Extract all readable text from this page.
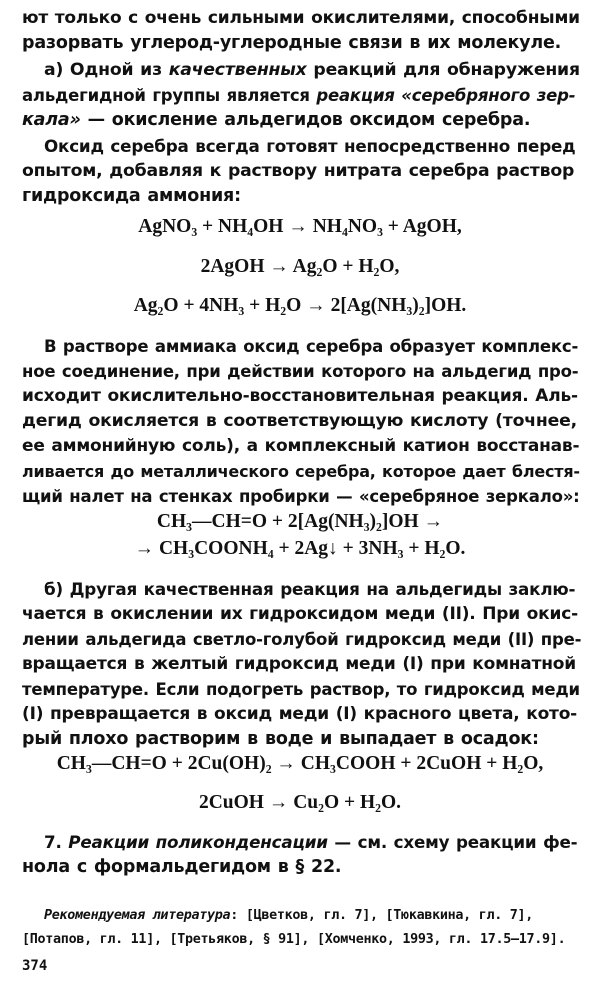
ют только с очень сильными окислителями, способными
разорвать углерод-углеродные связи в их молекуле.
а) Одной из качественных реакций для обнаружения
альдегидной группы является реакция «серебряного зер-
кала» — окисление альдегидов оксидом серебра.
Оксид серебра всегда готовят непосредственно перед
опытом, добавляя к раствору нитрата серебра раствор
гидроксида аммония:
AgNO₃ + NH₄OH → NH₄NO₃ + AgOH,
2AgOH → Ag₂O + H₂O,
Ag₂O + 4NH₃ + H₂O → 2[Ag(NH₃)₂]OH.
В растворе аммиака оксид серебра образует комплекс-
ное соединение, при действии которого на альдегид про-
исходит окислительно-восстановительная реакция. Аль-
дегид окисляется в соответствующую кислоту (точнее,
ее аммонийную соль), а комплексный катион восстанав-
ливается до металлического серебра, которое дает блестя-
щий налет на стенках пробирки — «серебряное зеркало»:
CH₃—CH=O + 2[Ag(NH₃)₂]OH →
→ CH₃COONH₄ + 2Ag↓ + 3NH₃ + H₂O.
б) Другая качественная реакция на альдегиды заклю-
чается в окислении их гидроксидом меди (II). При окис-
лении альдегида светло-голубой гидроксид меди (II) пре-
вращается в желтый гидроксид меди (I) при комнатной
температуре. Если подогреть раствор, то гидроксид меди
(I) превращается в оксид меди (I) красного цвета, кото-
рый плохо растворим в воде и выпадает в осадок:
CH₃—CH=O + 2Cu(OH)₂ → CH₃COOH + 2CuOH + H₂O,
2CuOH → Cu₂O + H₂O.
7. Реакции поликонденсации — см. схему реакции фе-
нола с формальдегидом в § 22.
Рекомендуемая литература: [Цветков, гл. 7], [Тюкавкина, гл. 7],
[Потапов, гл. 11], [Третьяков, § 91], [Хомченко, 1993, гл. 17.5—17.9].
374
